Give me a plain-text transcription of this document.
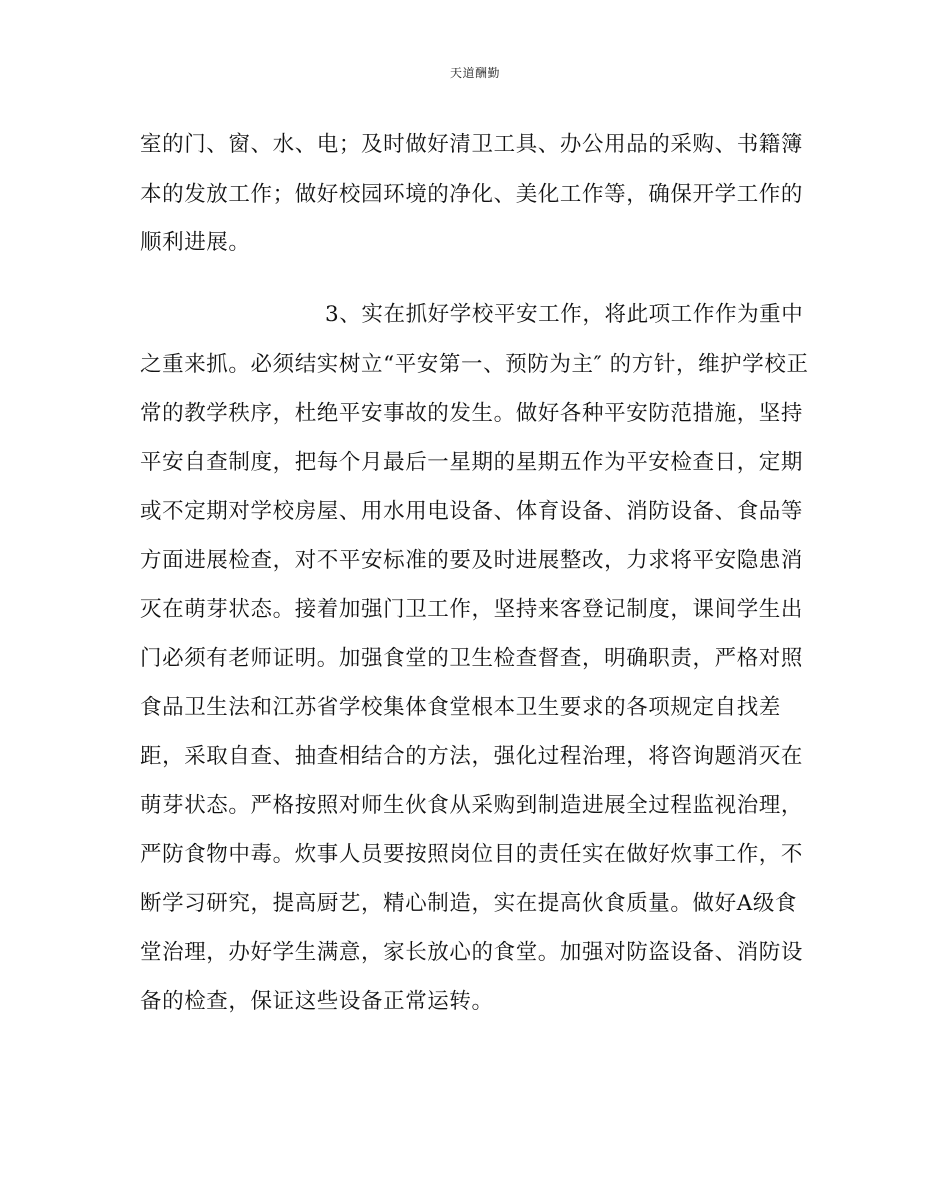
天道酬勤
室的门、窗、水、电；及时做好清卫工具、办公用品的采购、书籍簿
本的发放工作；做好校园环境的净化、美化工作等，确保开学工作的
顺利进展。
3、实在抓好学校平安工作，将此项工作作为重中
之重来抓。必须结实树立“平安第一、预防为主″ 的方针，维护学校正
常的教学秩序，杜绝平安事故的发生。做好各种平安防范措施，坚持
平安自查制度，把每个月最后一星期的星期五作为平安检查日，定期
或不定期对学校房屋、用水用电设备、体育设备、消防设备、食品等
方面进展检查，对不平安标准的要及时进展整改，力求将平安隐患消
灭在萌芽状态。接着加强门卫工作，坚持来客登记制度，课间学生出
门必须有老师证明。加强食堂的卫生检查督查，明确职责，严格对照
食品卫生法和江苏省学校集体食堂根本卫生要求的各项规定自找差
距，采取自查、抽查相结合的方法，强化过程治理，将咨询题消灭在
萌芽状态。严格按照对师生伙食从采购到制造进展全过程监视治理，
严防食物中毒。炊事人员要按照岗位目的责任实在做好炊事工作，不
断学习研究，提高厨艺，精心制造，实在提高伙食质量。做好A级食
堂治理，办好学生满意，家长放心的食堂。加强对防盗设备、消防设
备的检查，保证这些设备正常运转。
